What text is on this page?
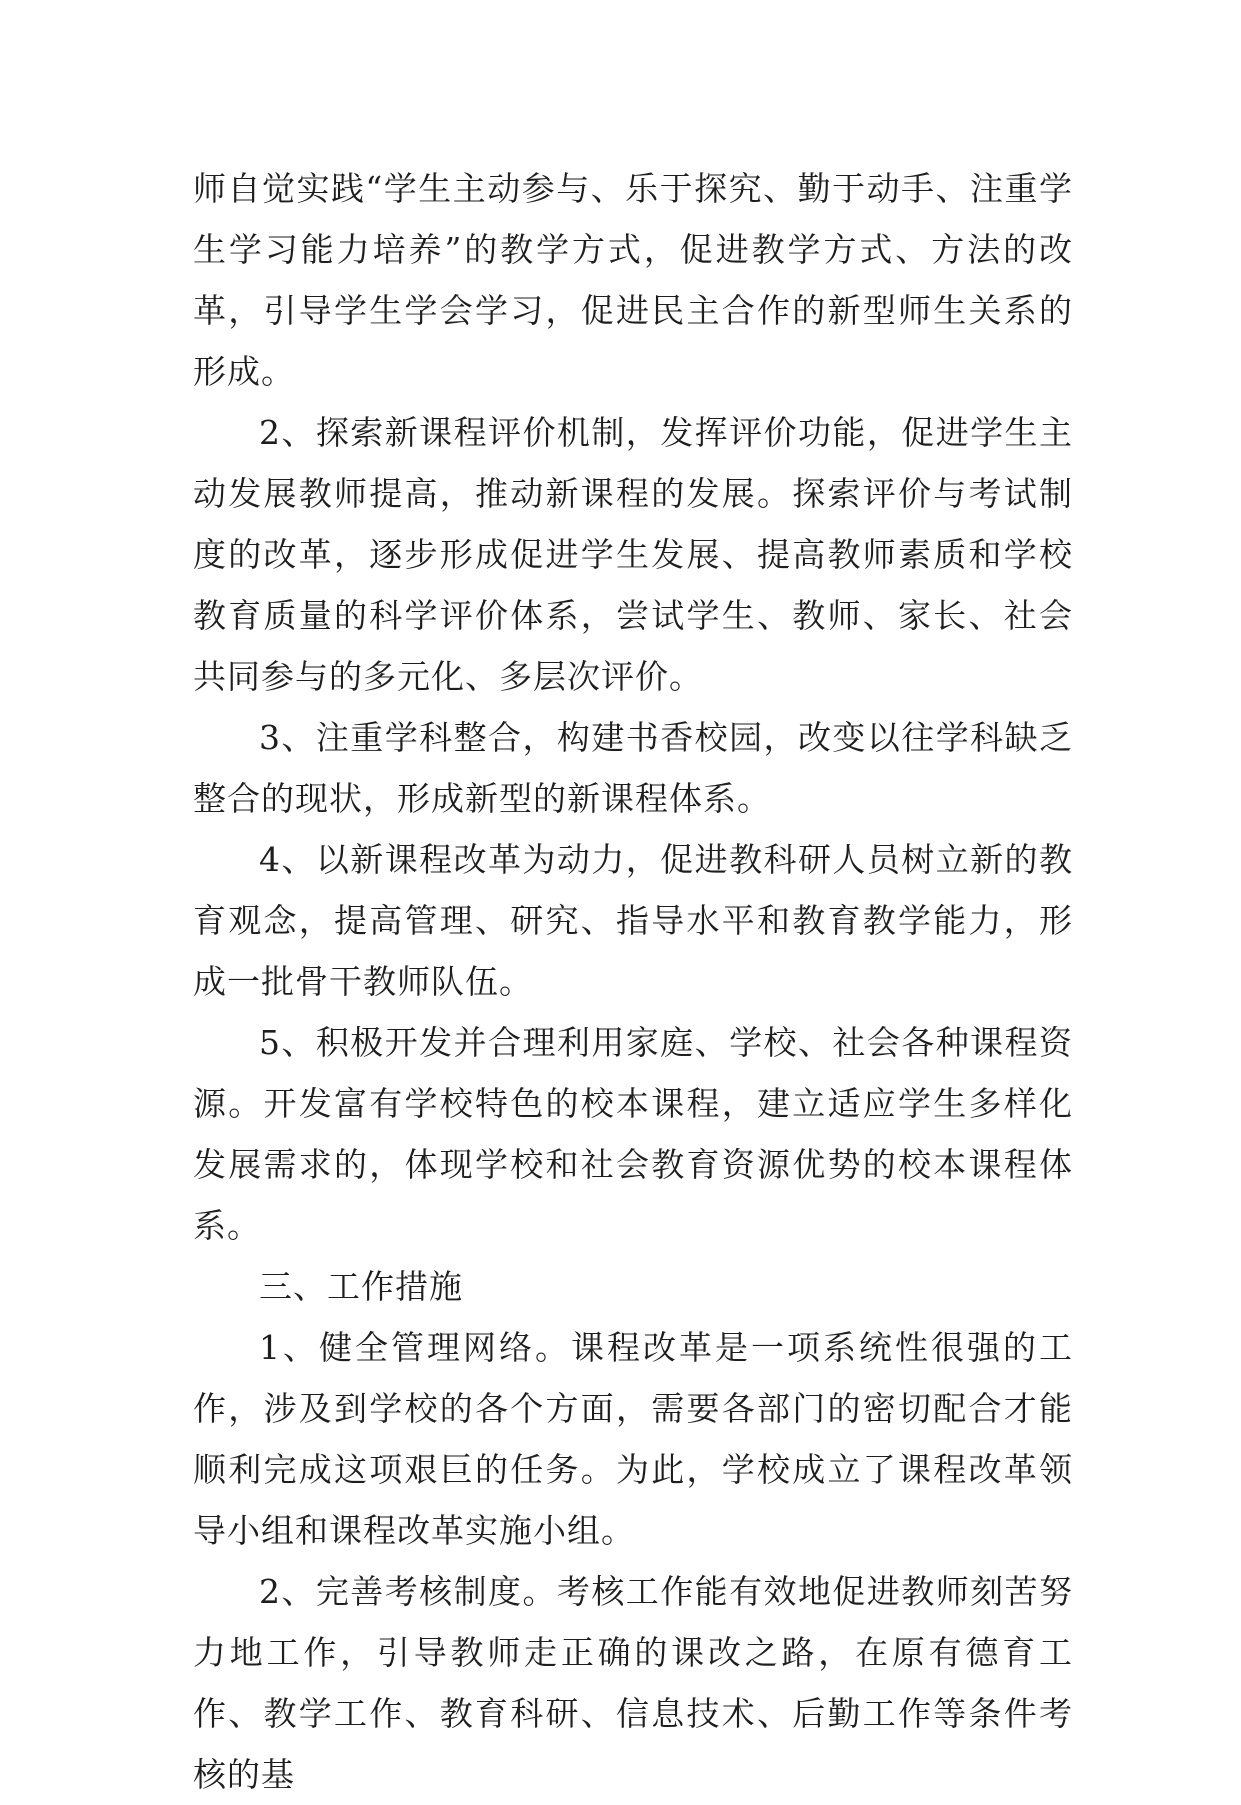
师自觉实践“学生主动参与、乐于探究、勤于动手、注重学生学习能力培养”的教学方式，促进教学方式、方法的改革，引导学生学会学习，促进民主合作的新型师生关系的形成。

2、探索新课程评价机制，发挥评价功能，促进学生主动发展教师提高，推动新课程的发展。探索评价与考试制度的改革，逐步形成促进学生发展、提高教师素质和学校教育质量的科学评价体系，尝试学生、教师、家长、社会共同参与的多元化、多层次评价。

3、注重学科整合，构建书香校园，改变以往学科缺乏整合的现状，形成新型的新课程体系。

4、以新课程改革为动力，促进教科研人员树立新的教育观念，提高管理、研究、指导水平和教育教学能力，形成一批骨干教师队伍。

5、积极开发并合理利用家庭、学校、社会各种课程资源。开发富有学校特色的校本课程，建立适应学生多样化发展需求的，体现学校和社会教育资源优势的校本课程体系。

三、工作措施

1、健全管理网络。课程改革是一项系统性很强的工作，涉及到学校的各个方面，需要各部门的密切配合才能顺利完成这项艰巨的任务。为此，学校成立了课程改革领导小组和课程改革实施小组。

2、完善考核制度。考核工作能有效地促进教师刻苦努力地工作，引导教师走正确的课改之路，在原有德育工作、教学工作、教育科研、信息技术、后勤工作等条件考核的基
